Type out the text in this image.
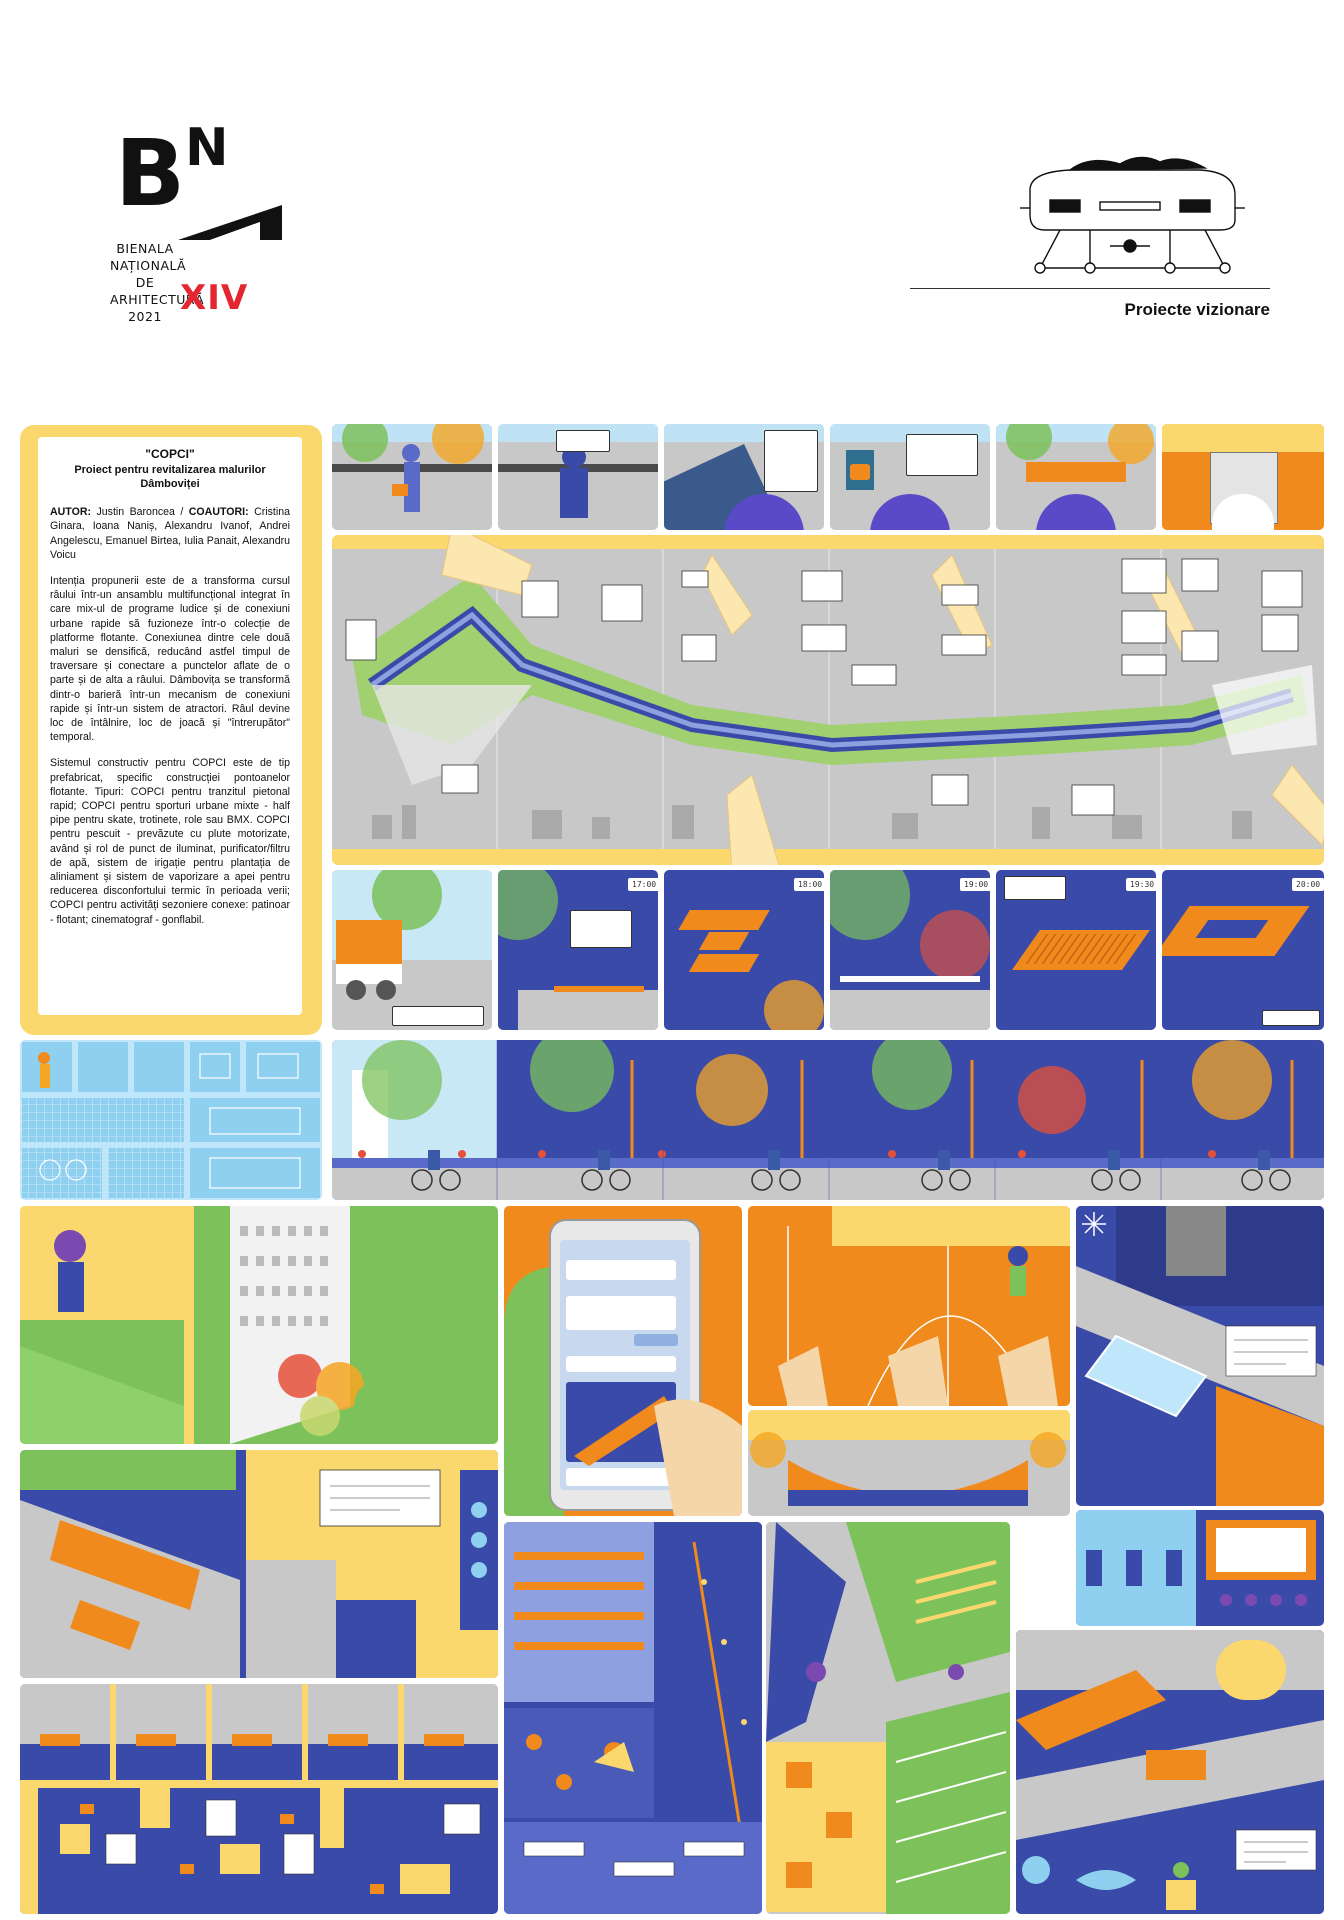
B N
BIENALA
NAȚIONALĂ
DE
ARHITECTURĂ
2021 XIV	Proiecte vizionare
"COPCI"
Proiect pentru revitalizarea malurilor Dâmboviței
AUTOR: Justin Baroncea / COAUTORI: Cristina Ginara, Ioana Naniș, Alexandru Ivanof, Andrei Angelescu, Emanuel Birtea, Iulia Panait, Alexandru Voicu

Intenția propunerii este de a transforma cursul râului într-un ansamblu multifuncțional integrat în care mix-ul de programe ludice și de conexiuni urbane rapide să fuzioneze într-o colecție de platforme flotante. Conexiunea dintre cele două maluri se densifică, reducând astfel timpul de traversare și conectare a punctelor aflate de o parte și de alta a râului. Dâmbovița se transformă dintr-o barieră într-un mecanism de conexiuni rapide și într-un sistem de atractori. Râul devine loc de întâlnire, loc de joacă și "întrerupător" temporal.

Sistemul constructiv pentru COPCI este de tip prefabricat, specific construcției pontoanelor flotante. Tipuri: COPCI pentru tranzitul pietonal rapid; COPCI pentru sporturi urbane mixte - half pipe pentru skate, trotinete, role sau BMX. COPCI pentru pescuit - prevăzute cu plute motorizate, având și rol de punct de iluminat, purificator/filtru de apă, sistem de irigație pentru plantația de aliniament și sistem de vaporizare a apei pentru reducerea disconfortului termic în perioada verii; COPCI pentru activități sezoniere conexe: patinoar - flotant; cinematograf - gonflabil.

17:00	18:00	19:00	19:30	20:00
